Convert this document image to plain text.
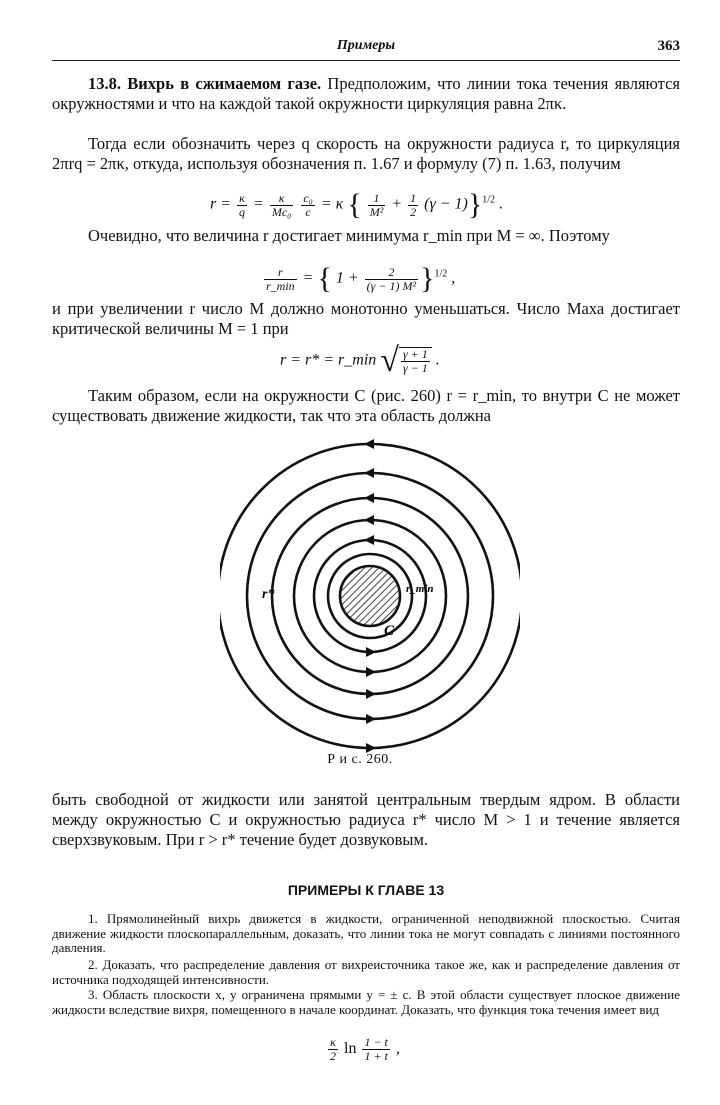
Примеры	363

13.8. Вихрь в сжимаемом газе. Предположим, что линии тока течения являются окружностями и что на каждой такой окружности циркуляция равна 2πκ.

Тогда если обозначить через q скорость на окружности радиуса r, то циркуляция 2πrq = 2πκ, откуда, используя обозначения п. 1.67 и формулу (7) п. 1.63, получим

$r = \frac{\kappa}{q} = \frac{\kappa}{\text{Mc₀}}$
$\frac{\text{c₀}}{c} = \kappa$ { $\frac{1}{\text{M²}} + \frac{1}{2} (\gamma - 1)\}^{1/2}$ .

Очевидно, что величина r достигает минимума r_min при M = ∞. Поэтому

$\frac{r}{r\_\min}$ = { $1 + \frac{2}{\text{(γ − 1) M²}} \}^{1/2}$ ,

и при увеличении r число М должно монотонно уменьшаться. Число Маха достигает критической величины М = 1 при

r = r* = r_min √ $\frac{\gamma + 1}{\gamma - 1}$ .

Таким образом, если на окружности C (рис. 260) r = r_min, то внутри C не может существовать движение жидкости, так что эта область должна

r*	r_min
C
Р и с. 260.

быть свободной от жидкости или занятой центральным твердым ядром. В области между окружностью C и окружностью радиуса r* число M > 1 и течение является сверхзвуковым. При r > r* течение будет дозвуковым.

ПРИМЕРЫ К ГЛАВЕ 13

1. Прямолинейный вихрь движется в жидкости, ограниченной неподвижной плоскостью. Считая движение жидкости плоскопараллельным, доказать, что линии тока не могут совпадать с линиями постоянного давления.

2. Доказать, что распределение давления от вихреисточника такое же, как и распределение давления от источника подходящей интенсивности.

3. Область плоскости x, y ограничена прямыми y = ± c. В этой области существует плоское движение жидкости вследствие вихря, помещенного в начале координат. Доказать, что функция тока течения имеет вид

$\frac{\kappa}{2}$ $\ln \frac{1 - t}{1 + t}$ ,
